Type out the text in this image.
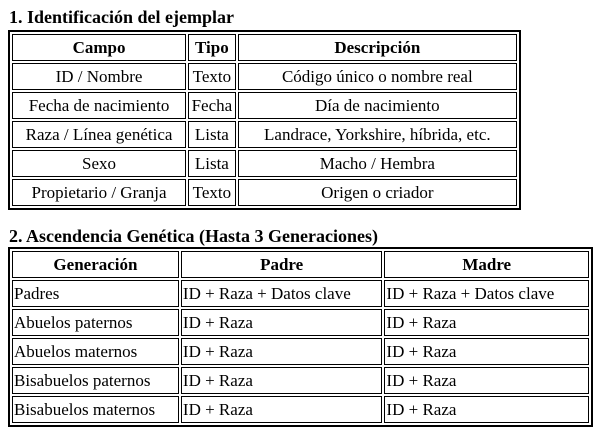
1. Identificación del ejemplar
Campo	Tipo	Descripción
ID / Nombre	Texto	Código único o nombre real
Fecha de nacimiento	Fecha	Día de nacimiento
Raza / Línea genética	Lista	Landrace, Yorkshire, híbrida, etc.
Sexo	Lista	Macho / Hembra
Propietario / Granja	Texto	Origen o criador
2. Ascendencia Genética (Hasta 3 Generaciones)
Generación	Padre	Madre
Padres	ID + Raza + Datos clave	ID + Raza + Datos clave
Abuelos paternos	ID + Raza	ID + Raza
Abuelos maternos	ID + Raza	ID + Raza
Bisabuelos paternos	ID + Raza	ID + Raza
Bisabuelos maternos	ID + Raza	ID + Raza
